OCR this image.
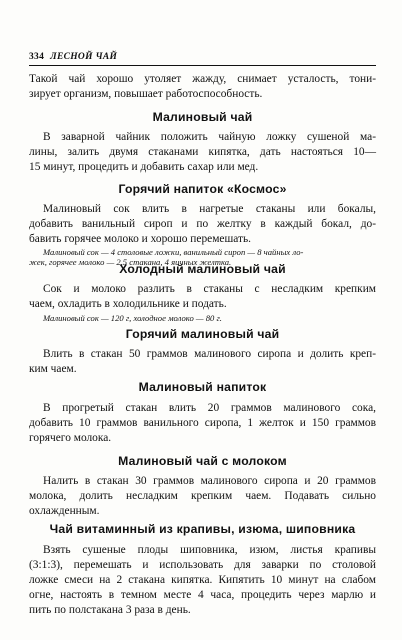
334 ЛЕСНОЙ ЧАЙ
Такой чай хорошо утоляет жажду, снимает усталость, тони-
зирует организм, повышает работоспособность.
Малиновый чай
В заварной чайник положить чайную ложку сушеной ма-
лины, залить двумя стаканами кипятка, дать настояться 10—
15 минут, процедить и добавить сахар или мед.
Горячий напиток «Космос»
Малиновый сок влить в нагретые стаканы или бокалы,
добавить ванильный сироп и по желтку в каждый бокал, до-
бавить горячее молоко и хорошо перемешать.
Малиновый сок — 4 столовые ложки, ванильный сироп — 8 чайных ло-
жек, горячее молоко — 2,5 стакана, 4 яичных желтка.
Холодный малиновый чай
Сок и молоко разлить в стаканы с несладким крепким
чаем, охладить в холодильнике и подать.
Малиновый сок — 120 г, холодное молоко — 80 г.
Горячий малиновый чай
Влить в стакан 50 граммов малинового сиропа и долить креп-
ким чаем.
Малиновый напиток
В прогретый стакан влить 20 граммов малинового сока,
добавить 10 граммов ванильного сиропа, 1 желток и 150 граммов
горячего молока.
Малиновый чай с молоком
Налить в стакан 30 граммов малинового сиропа и 20 граммов
молока, долить несладким крепким чаем. Подавать сильно
охлажденным.
Чай витаминный из крапивы, изюма, шиповника
Взять сушеные плоды шиповника, изюм, листья крапивы
(3:1:3), перемешать и использовать для заварки по столовой
ложке смеси на 2 стакана кипятка. Кипятить 10 минут на слабом
огне, настоять в темном месте 4 часа, процедить через марлю и
пить по полстакана 3 раза в день.
